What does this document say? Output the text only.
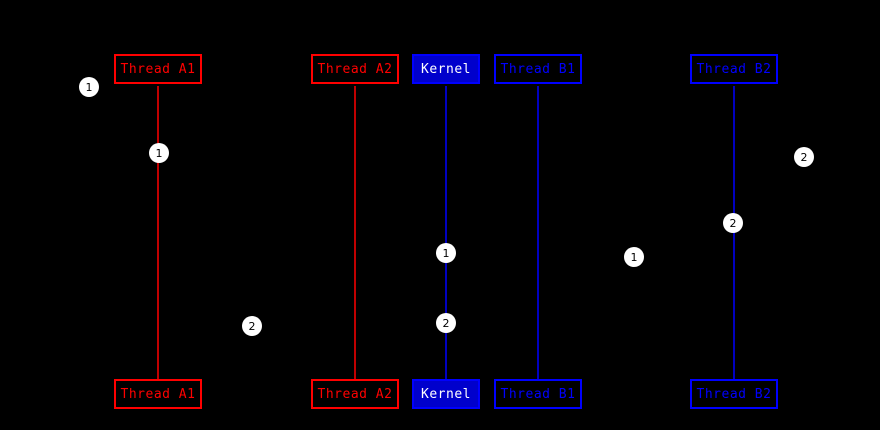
Thread A1	Thread A2	Kernel	Thread B1	Thread B2
Thread A1	Thread A2	Kernel	Thread B1	Thread B2
1
1	2
2
1	1
2	2
